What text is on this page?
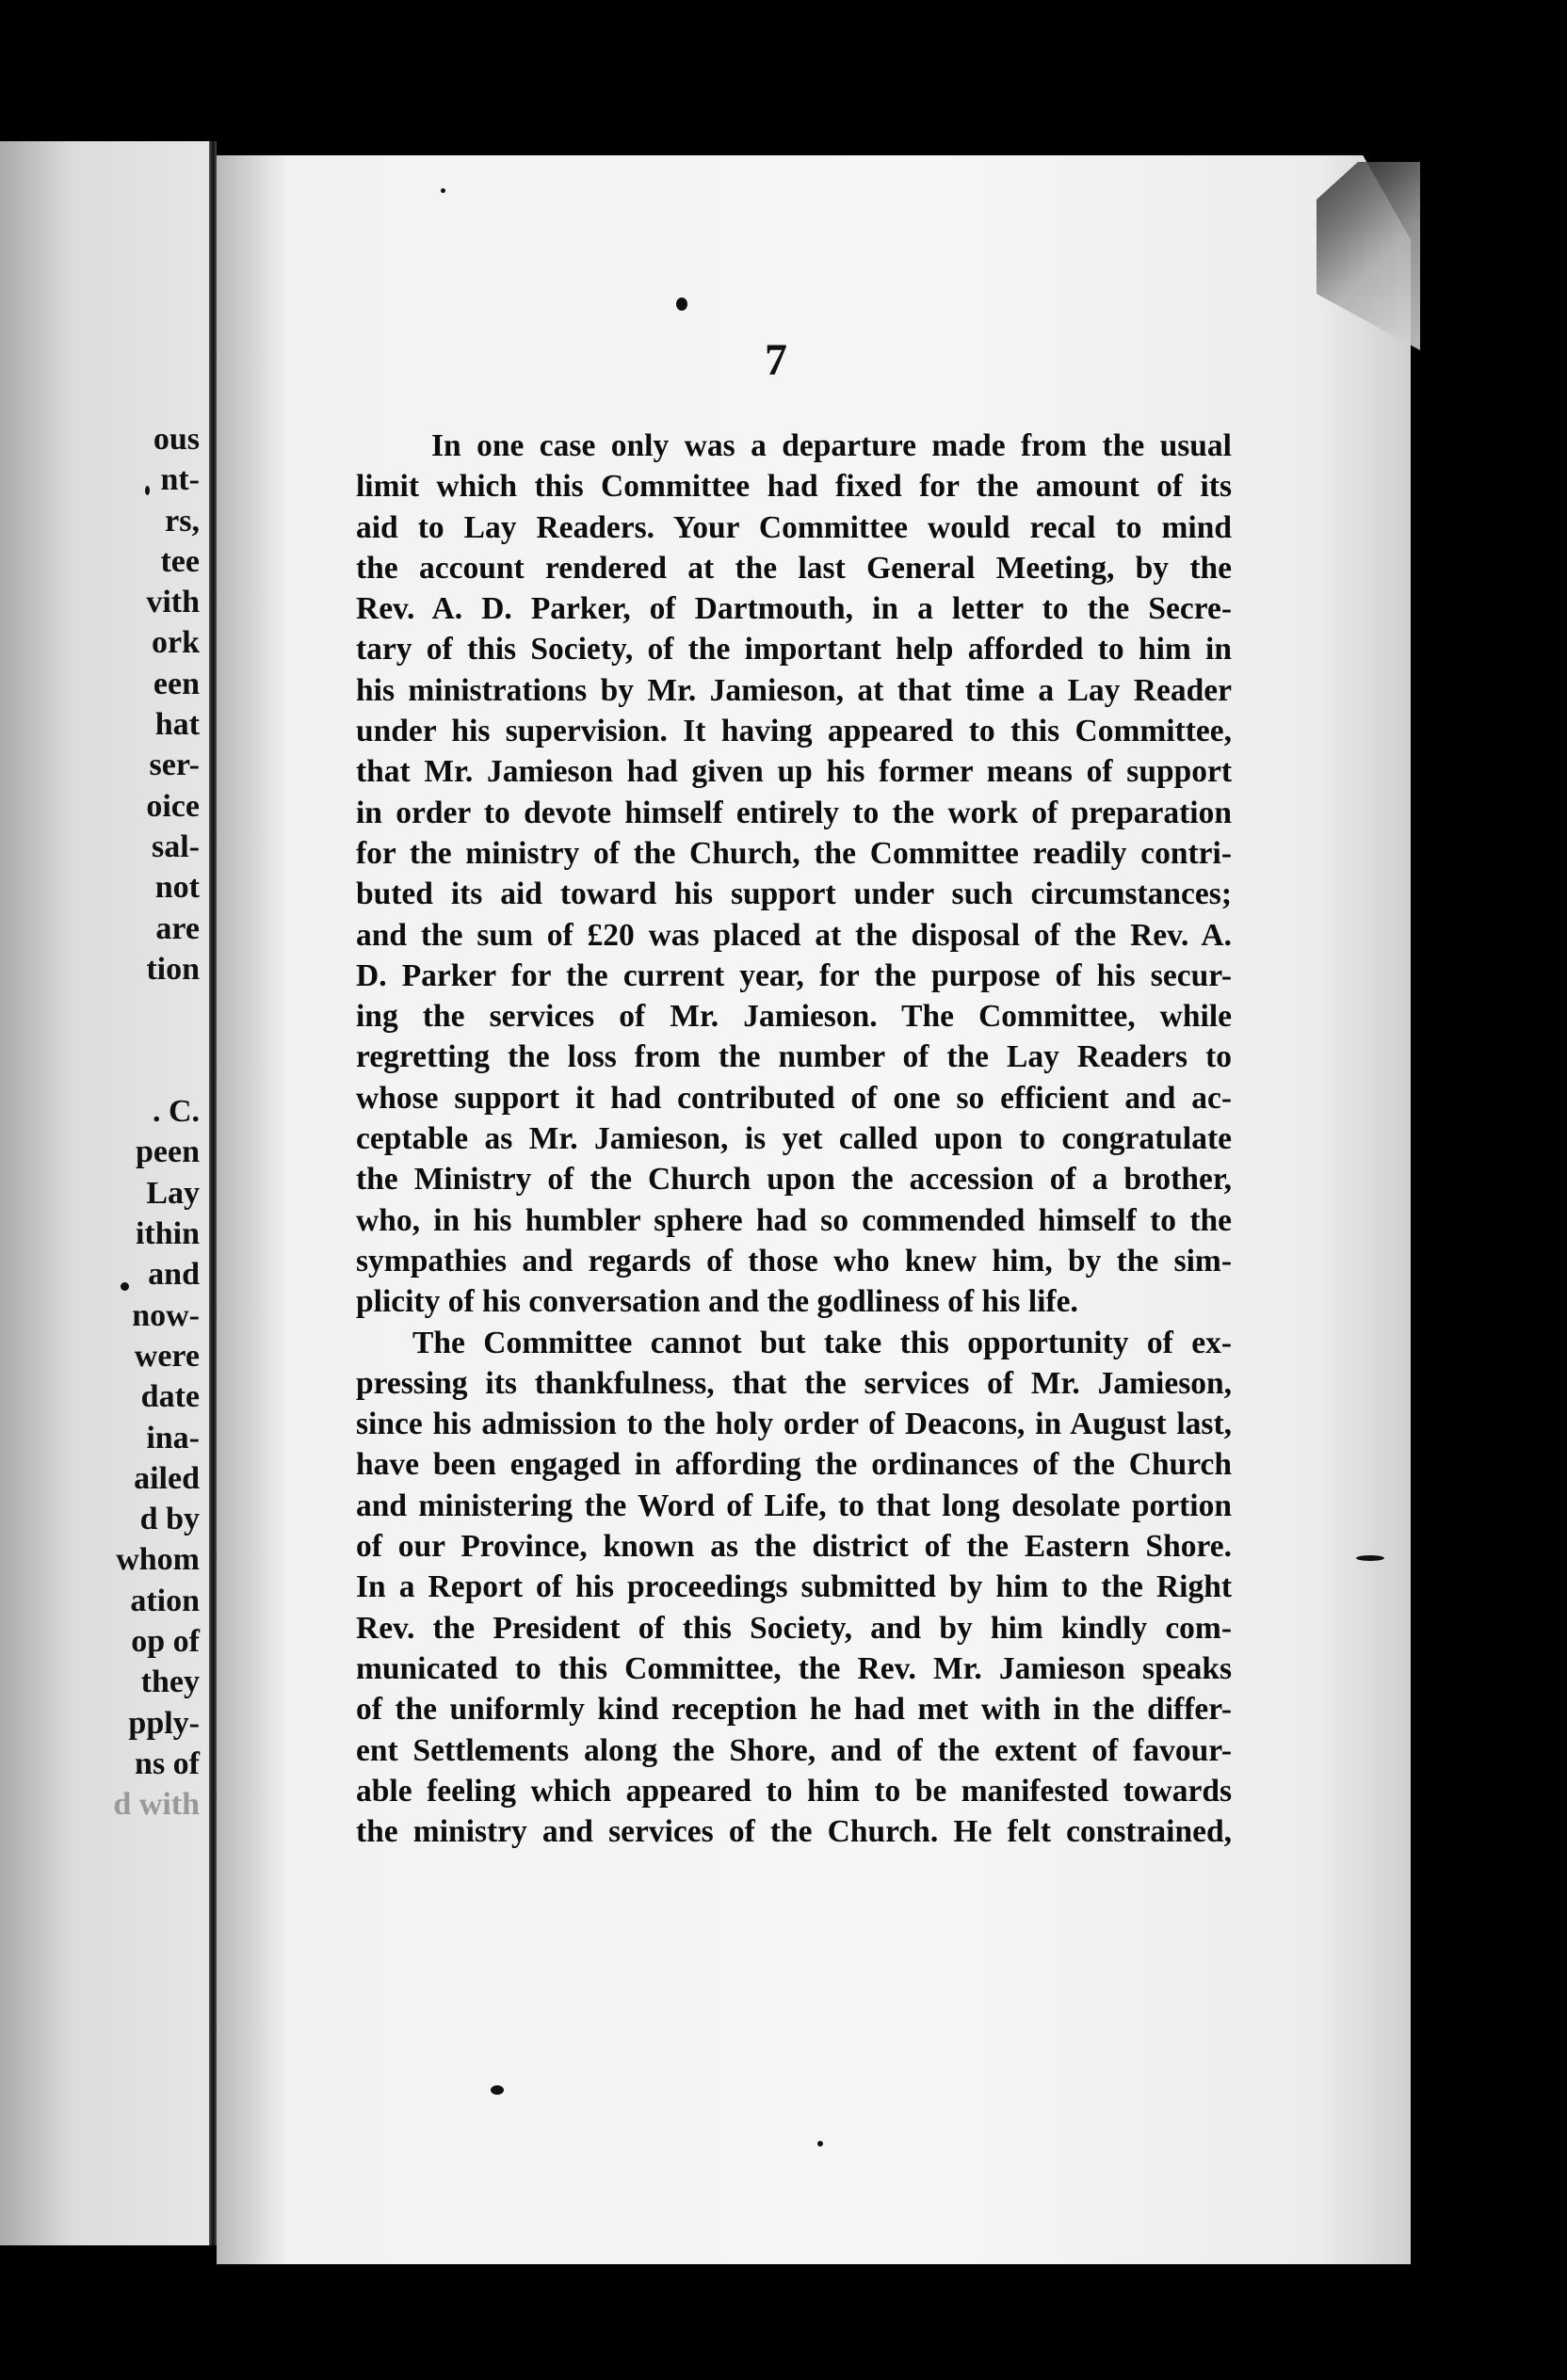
ous
nt-
rs,
tee
vith
ork
een
hat
ser-
oice
sal-
not
are
tion
. C.
peen
Lay
ithin
and
now-
were
date
ina-
ailed
d by
whom
ation
op of
they
pply-
ns of
d with
7
In one case only was a departure made from the usual
limit which this Committee had fixed for the amount of its
aid to Lay Readers. Your Committee would recal to mind
the account rendered at the last General Meeting, by the
Rev. A. D. Parker, of Dartmouth, in a letter to the Secre-
tary of this Society, of the important help afforded to him in
his ministrations by Mr. Jamieson, at that time a Lay Reader
under his supervision. It having appeared to this Committee,
that Mr. Jamieson had given up his former means of support
in order to devote himself entirely to the work of preparation
for the ministry of the Church, the Committee readily contri-
buted its aid toward his support under such circumstances;
and the sum of £20 was placed at the disposal of the Rev. A.
D. Parker for the current year, for the purpose of his secur-
ing the services of Mr. Jamieson. The Committee, while
regretting the loss from the number of the Lay Readers to
whose support it had contributed of one so efficient and ac-
ceptable as Mr. Jamieson, is yet called upon to congratulate
the Ministry of the Church upon the accession of a brother,
who, in his humbler sphere had so commended himself to the
sympathies and regards of those who knew him, by the sim-
plicity of his conversation and the godliness of his life.
The Committee cannot but take this opportunity of ex-
pressing its thankfulness, that the services of Mr. Jamieson,
since his admission to the holy order of Deacons, in August last,
have been engaged in affording the ordinances of the Church
and ministering the Word of Life, to that long desolate portion
of our Province, known as the district of the Eastern Shore.
In a Report of his proceedings submitted by him to the Right
Rev. the President of this Society, and by him kindly com-
municated to this Committee, the Rev. Mr. Jamieson speaks
of the uniformly kind reception he had met with in the differ-
ent Settlements along the Shore, and of the extent of favour-
able feeling which appeared to him to be manifested towards
the ministry and services of the Church. He felt constrained,
